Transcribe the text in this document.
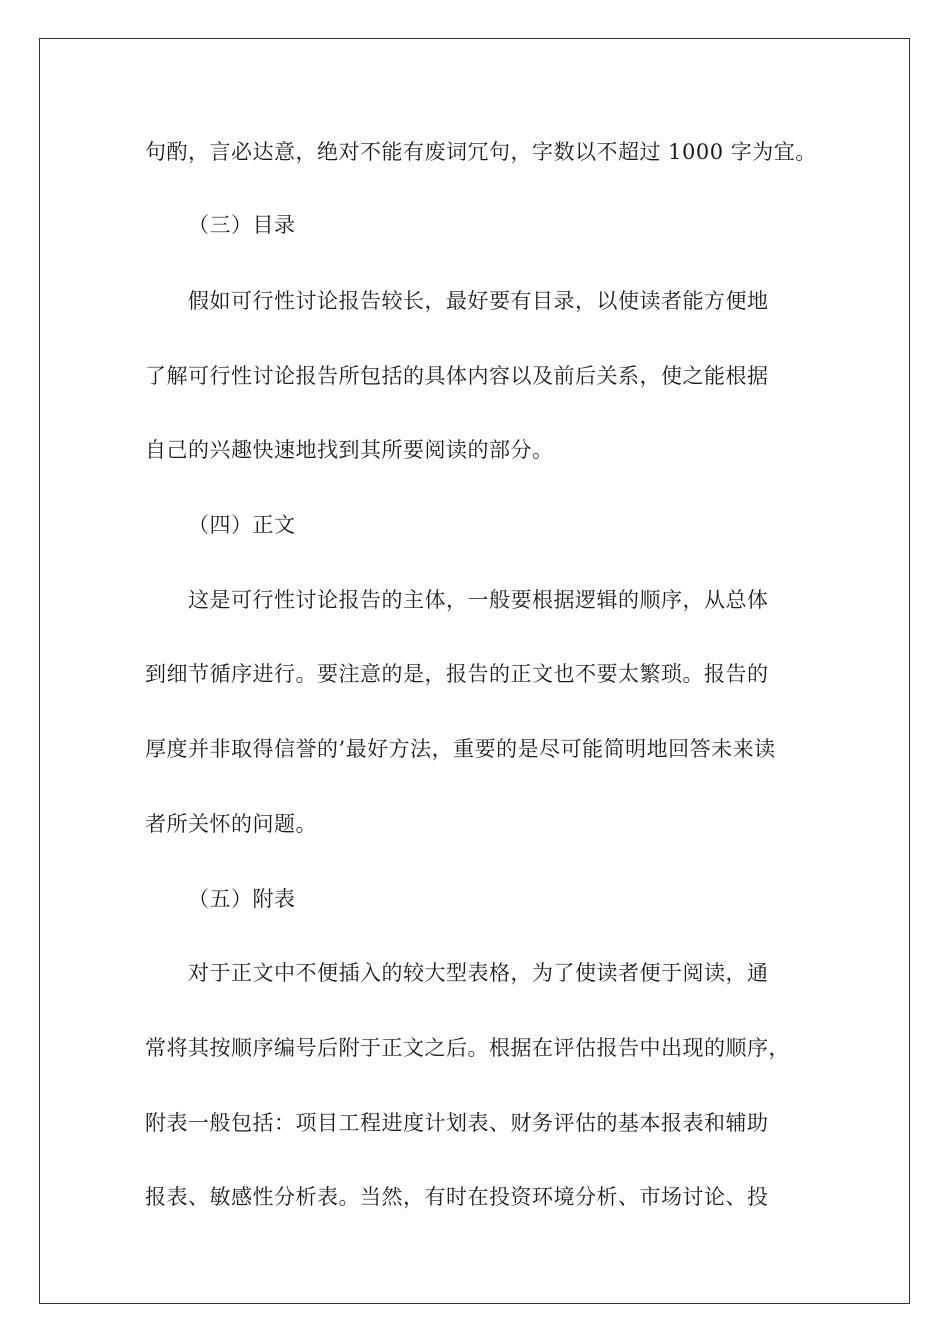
句酌，言必达意，绝对不能有废词冗句，字数以不超过 1000 字为宜。
（三）目录
假如可行性讨论报告较长，最好要有目录，以使读者能方便地
了解可行性讨论报告所包括的具体内容以及前后关系，使之能根据
自己的兴趣快速地找到其所要阅读的部分。
（四）正文
这是可行性讨论报告的主体，一般要根据逻辑的顺序，从总体
到细节循序进行。要注意的是，报告的正文也不要太繁琐。报告的
厚度并非取得信誉的’最好方法，重要的是尽可能简明地回答未来读
者所关怀的问题。
（五）附表
对于正文中不便插入的较大型表格，为了使读者便于阅读，通
常将其按顺序编号后附于正文之后。根据在评估报告中出现的顺序，
附表一般包括：项目工程进度计划表、财务评估的基本报表和辅助
报表、敏感性分析表。当然，有时在投资环境分析、市场讨论、投
